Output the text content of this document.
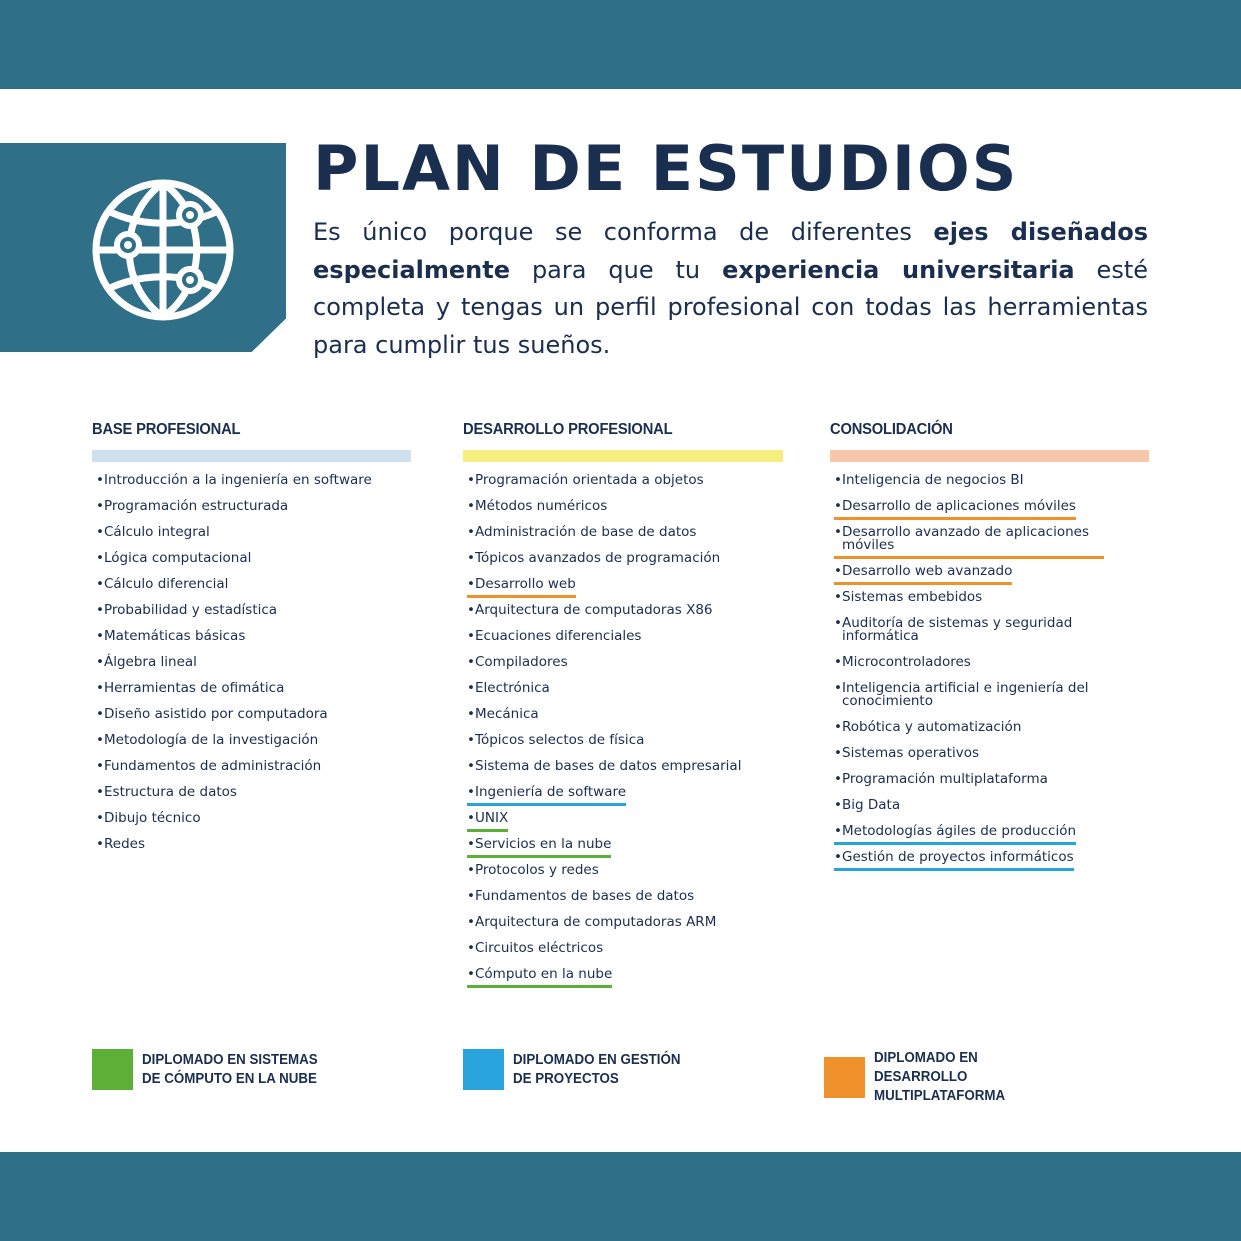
PLAN DE ESTUDIOS

Es único porque se conforma de diferentes ejes diseñados especialmente para que tu experiencia universitaria esté completa y tengas un perfil profesional con todas las herramientas para cumplir tus sueños.

BASE PROFESIONAL
• Introducción a la ingeniería en software
• Programación estructurada
• Cálculo integral
• Lógica computacional
• Cálculo diferencial
• Probabilidad y estadística
• Matemáticas básicas
• Álgebra lineal
• Herramientas de ofimática
• Diseño asistido por computadora
• Metodología de la investigación
• Fundamentos de administración
• Estructura de datos
• Dibujo técnico
• Redes
DESARROLLO PROFESIONAL
• Programación orientada a objetos
• Métodos numéricos
• Administración de base de datos
• Tópicos avanzados de programación
• Desarrollo web
• Arquitectura de computadoras X86
• Ecuaciones diferenciales
• Compiladores
• Electrónica
• Mecánica
• Tópicos selectos de física
• Sistema de bases de datos empresarial
• Ingeniería de software
• UNIX
• Servicios en la nube
• Protocolos y redes
• Fundamentos de bases de datos
• Arquitectura de computadoras ARM
• Circuitos eléctricos
• Cómputo en la nube
CONSOLIDACIÓN
• Inteligencia de negocios BI
• Desarrollo de aplicaciones móviles
• Desarrollo avanzado de aplicaciones móviles
• Desarrollo web avanzado
• Sistemas embebidos
• Auditoría de sistemas y seguridad informática
• Microcontroladores
• Inteligencia artificial e ingeniería del conocimiento
• Robótica y automatización
• Sistemas operativos
• Programación multiplataforma
• Big Data
• Metodologías ágiles de producción
• Gestión de proyectos informáticos
DIPLOMADO EN SISTEMAS DE CÓMPUTO EN LA NUBE
DIPLOMADO EN GESTIÓN DE PROYECTOS
DIPLOMADO EN DESARROLLO MULTIPLATAFORMA
